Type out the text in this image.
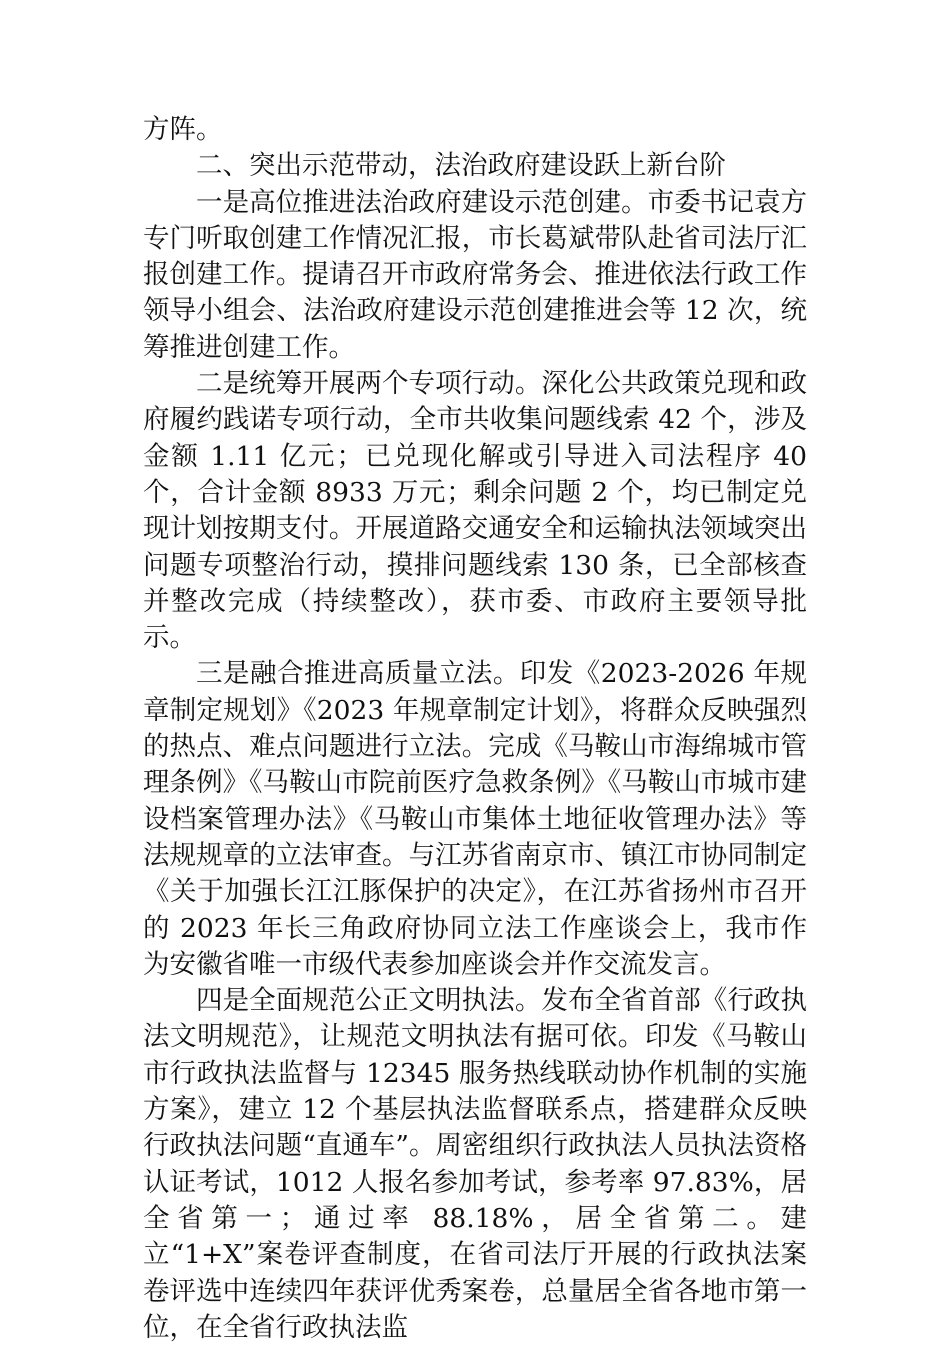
方阵。

二、突出示范带动，法治政府建设跃上新台阶

一是高位推进法治政府建设示范创建。市委书记袁方专门听取创建工作情况汇报，市长葛斌带队赴省司法厅汇报创建工作。提请召开市政府常务会、推进依法行政工作领导小组会、法治政府建设示范创建推进会等 12 次，统筹推进创建工作。

二是统筹开展两个专项行动。深化公共政策兑现和政府履约践诺专项行动，全市共收集问题线索 42 个，涉及金额 1.11 亿元；已兑现化解或引导进入司法程序 40 个，合计金额 8933 万元；剩余问题 2 个，均已制定兑现计划按期支付。开展道路交通安全和运输执法领域突出问题专项整治行动，摸排问题线索 130 条，已全部核查并整改完成（持续整改），获市委、市政府主要领导批示。

三是融合推进高质量立法。印发《2023-2026 年规章制定规划》《2023 年规章制定计划》，将群众反映强烈的热点、难点问题进行立法。完成《马鞍山市海绵城市管理条例》《马鞍山市院前医疗急救条例》《马鞍山市城市建设档案管理办法》《马鞍山市集体土地征收管理办法》等法规规章的立法审查。与江苏省南京市、镇江市协同制定《关于加强长江江豚保护的决定》，在江苏省扬州市召开的 2023 年长三角政府协同立法工作座谈会上，我市作为安徽省唯一市级代表参加座谈会并作交流发言。

四是全面规范公正文明执法。发布全省首部《行政执法文明规范》，让规范文明执法有据可依。印发《马鞍山市行政执法监督与 12345 服务热线联动协作机制的实施方案》，建立 12 个基层执法监督联系点，搭建群众反映行政执法问题“直通车”。周密组织行政执法人员执法资格认证考试，1012 人报名参加考试，参考率 97.83%，居全省第一；通过率 88.18%，居全省第二。建立“1+X”案卷评查制度，在省司法厅开展的行政执法案卷评选中连续四年获评优秀案卷，总量居全省各地市第一位，在全省行政执法监
